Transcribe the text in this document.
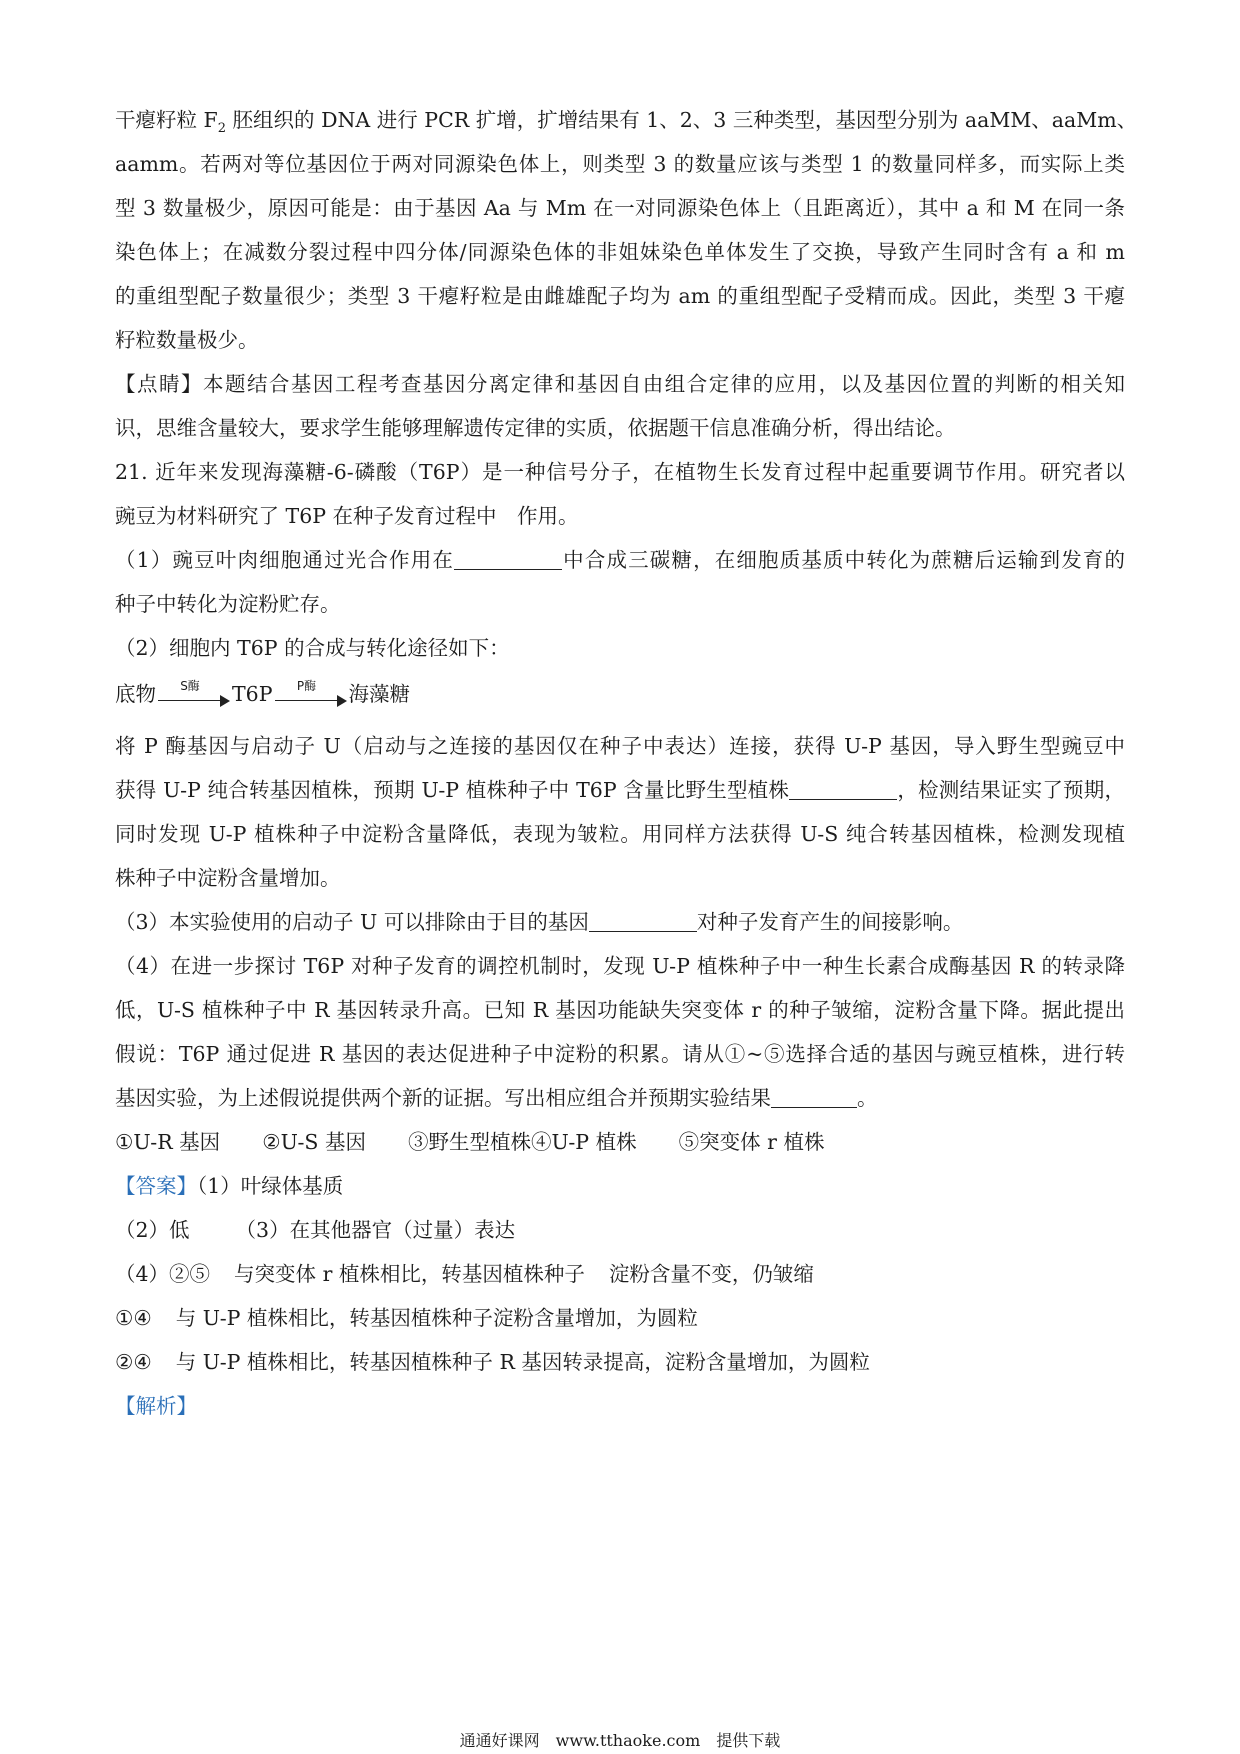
干瘪籽粒 $F_2$ 胚组织的 DNA 进行 PCR 扩增，扩增结果有 1、2、3 三种类型，基因型分别为 aaMM、aaMm、
aamm。若两对等位基因位于两对同源染色体上，则类型 3 的数量应该与类型 1 的数量同样多，而实际上类
型 3 数量极少，原因可能是：由于基因 Aa 与 Mm 在一对同源染色体上（且距离近），其中 a 和 M 在同一条
染色体上；在减数分裂过程中四分体/同源染色体的非姐妹染色单体发生了交换，导致产生同时含有 a 和 m
的重组型配子数量很少；类型 3 干瘪籽粒是由雌雄配子均为 am 的重组型配子受精而成。因此，类型 3 干瘪
籽粒数量极少。
【点睛】本题结合基因工程考查基因分离定律和基因自由组合定律的应用，以及基因位置的判断的相关知
识，思维含量较大，要求学生能够理解遗传定律的实质，依据题干信息准确分析，得出结论。
21. 近年来发现海藻糖-6-磷酸（T6P）是一种信号分子，在植物生长发育过程中起重要调节作用。研究者以
豌豆为材料研究了 T6P 在种子发育过程中　作用。
（1）豌豆叶肉细胞通过光合作用在	中合成三碳糖，在细胞质基质中转化为蔗糖后运输到发育的
种子中转化为淀粉贮存。
（2）细胞内 T6P 的合成与转化途径如下：
底物	S酶	T6P	P酶	海藻糖
将 P 酶基因与启动子 U（启动与之连接的基因仅在种子中表达）连接，获得 U-P 基因，导入野生型豌豆中
获得 U-P 纯合转基因植株，预期 U-P 植株种子中 T6P 含量比野生型植株	，检测结果证实了预期，
同时发现 U-P 植株种子中淀粉含量降低，表现为皱粒。用同样方法获得 U-S 纯合转基因植株，检测发现植
株种子中淀粉含量增加。
（3）本实验使用的启动子 U 可以排除由于目的基因	对种子发育产生的间接影响。
（4）在进一步探讨 T6P 对种子发育的调控机制时，发现 U-P 植株种子中一种生长素合成酶基因 R 的转录降
低，U-S 植株种子中 R 基因转录升高。已知 R 基因功能缺失突变体 r 的种子皱缩，淀粉含量下降。据此提出
假说：T6P 通过促进 R 基因的表达促进种子中淀粉的积累。请从①~⑤选择合适的基因与豌豆植株，进行转
基因实验，为上述假说提供两个新的证据。写出相应组合并预期实验结果	。
①U-R 基因 ②U-S 基因 ③野生型植株④U-P 植株 ⑤突变体 r 植株
【答案】（1）叶绿体基质
（2）低 （3）在其他器官（过量）表达
（4）②⑤ 与突变体 r 植株相比，转基因植株种子 淀粉含量不变，仍皱缩
①④ 与 U-P 植株相比，转基因植株种子淀粉含量增加，为圆粒
②④ 与 U-P 植株相比，转基因植株种子 R 基因转录提高，淀粉含量增加，为圆粒
【解析】
通通好课网　www.tthaoke.com　提供下载
